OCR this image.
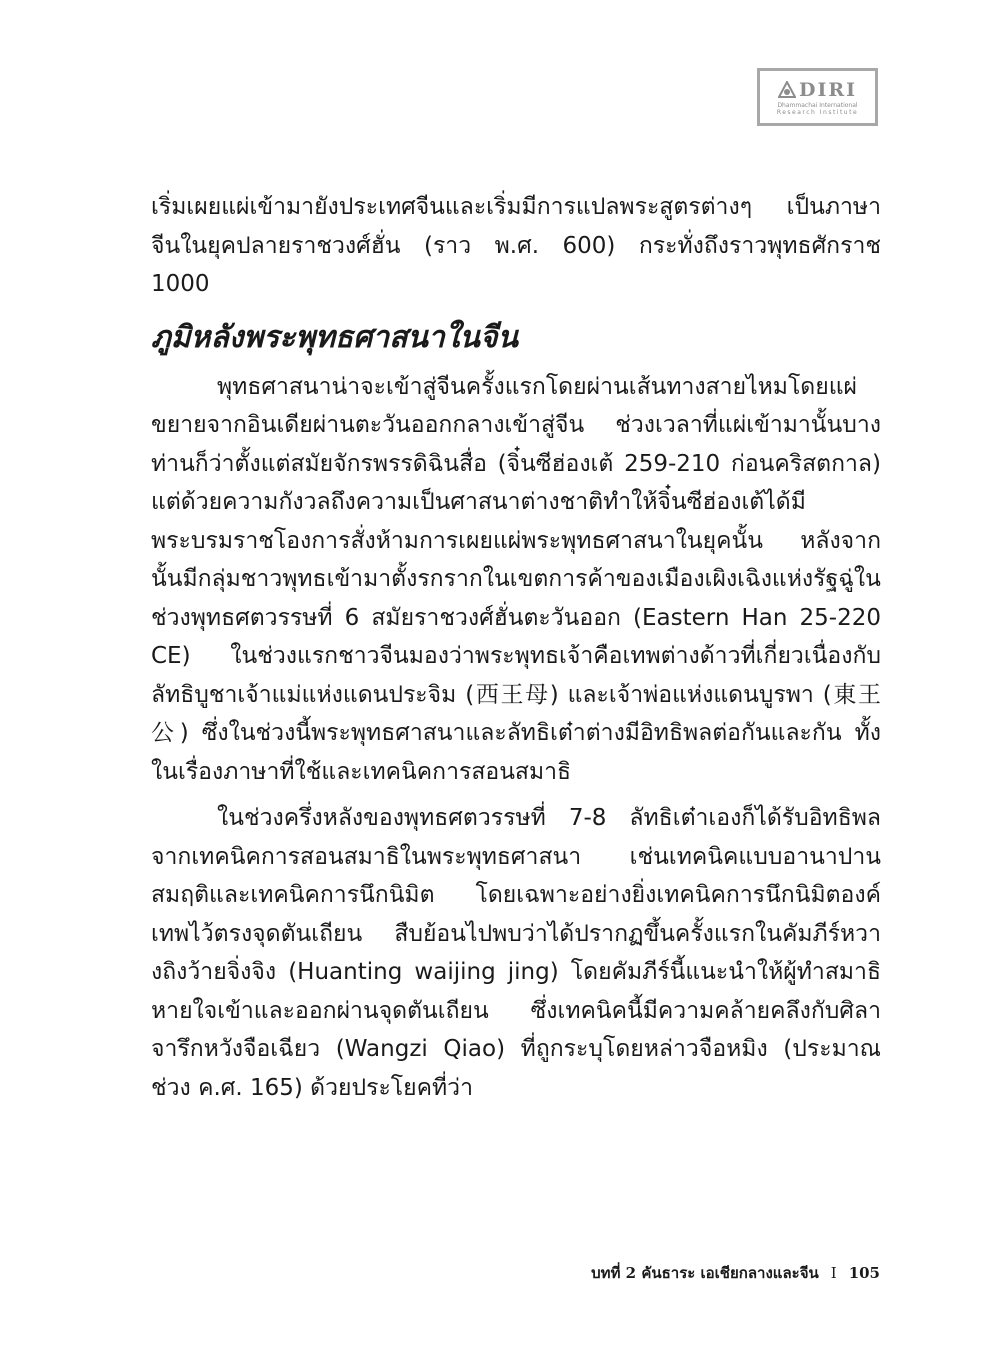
DIRI
Dhammachai International
Research Institute

เริ่มเผยแผ่เข้ามายังประเทศจีนและเริ่มมีการแปลพระสูตรต่างๆ เป็นภาษาจีนในยุคปลายราชวงศ์ฮั่น (ราว พ.ศ. 600) กระทั่งถึงราวพุทธศักราช 1000

ภูมิหลังพระพุทธศาสนาในจีน

พุทธศาสนาน่าจะเข้าสู่จีนครั้งแรกโดยผ่านเส้นทางสายไหมโดยแผ่ขยายจากอินเดียผ่านตะวันออกกลางเข้าสู่จีน ช่วงเวลาที่แผ่เข้ามานั้นบางท่านก็ว่าตั้งแต่สมัยจักรพรรดิฉินสื่อ (จิ๋นซีฮ่องเต้ 259-210 ก่อนคริสตกาล) แต่ด้วยความกังวลถึงความเป็นศาสนาต่างชาติทำให้จิ๋นซีฮ่องเต้ได้มีพระบรมราชโองการสั่งห้ามการเผยแผ่พระพุทธศาสนาในยุคนั้น หลังจากนั้นมีกลุ่มชาวพุทธเข้ามาตั้งรกรากในเขตการค้าของเมืองเผิงเฉิงแห่งรัฐฉู่ในช่วงพุทธศตวรรษที่ 6 สมัยราชวงศ์ฮั่นตะวันออก (Eastern Han 25-220 CE) ในช่วงแรกชาวจีนมองว่าพระพุทธเจ้าคือเทพต่างด้าวที่เกี่ยวเนื่องกับลัทธิบูชาเจ้าแม่แห่งแดนประจิม (西王母) และเจ้าพ่อแห่งแดนบูรพา (東王公) ซึ่งในช่วงนี้พระพุทธศาสนาและลัทธิเต๋าต่างมีอิทธิพลต่อกันและกัน ทั้งในเรื่องภาษาที่ใช้และเทคนิคการสอนสมาธิ

ในช่วงครึ่งหลังของพุทธศตวรรษที่ 7-8 ลัทธิเต๋าเองก็ได้รับอิทธิพลจากเทคนิคการสอนสมาธิในพระพุทธศาสนา เช่นเทคนิคแบบอานาปานสมฤติและเทคนิคการนึกนิมิต โดยเฉพาะอย่างยิ่งเทคนิคการนึกนิมิตองค์เทพไว้ตรงจุดตันเถียน สืบย้อนไปพบว่าได้ปรากฏขึ้นครั้งแรกในคัมภีร์หวางถิงว้ายจิ่งจิง (Huanting waijing jing) โดยคัมภีร์นี้แนะนำให้ผู้ทำสมาธิหายใจเข้าและออกผ่านจุดตันเถียน ซึ่งเทคนิคนี้มีความคล้ายคลึงกับศิลาจารึกหวังจือเฉียว (Wangzi Qiao) ที่ถูกระบุโดยหล่าวจือหมิง (ประมาณช่วง ค.ศ. 165) ด้วยประโยคที่ว่า

บทที่ 2 คันธาระ เอเชียกลางและจีน I 105
